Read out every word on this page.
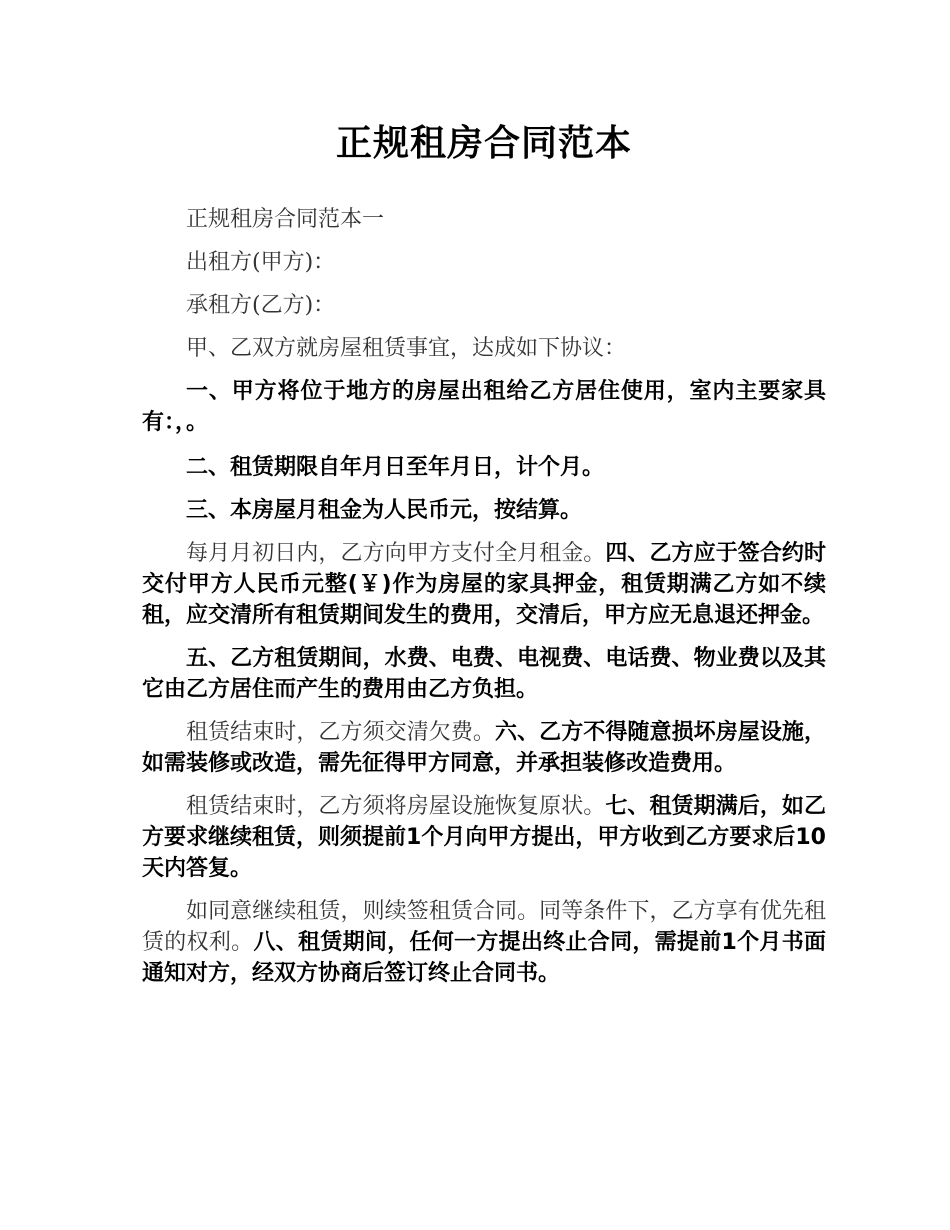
正规租房合同范本

正规租房合同范本一

出租方(甲方)：

承租方(乙方)：

甲、乙双方就房屋租赁事宜，达成如下协议：

一、甲方将位于地方的房屋出租给乙方居住使用，室内主要家具有：，。

二、租赁期限自年月日至年月日，计个月。

三、本房屋月租金为人民币元，按结算。

每月月初日内，乙方向甲方支付全月租金。四、乙方应于签合约时交付甲方人民币元整(￥)作为房屋的家具押金，租赁期满乙方如不续租，应交清所有租赁期间发生的费用，交清后，甲方应无息退还押金。

五、乙方租赁期间，水费、电费、电视费、电话费、物业费以及其它由乙方居住而产生的费用由乙方负担。

租赁结束时，乙方须交清欠费。六、乙方不得随意损坏房屋设施，如需装修或改造，需先征得甲方同意，并承担装修改造费用。

租赁结束时，乙方须将房屋设施恢复原状。七、租赁期满后，如乙方要求继续租赁，则须提前1个月向甲方提出，甲方收到乙方要求后10天内答复。

如同意继续租赁，则续签租赁合同。同等条件下，乙方享有优先租赁的权利。八、租赁期间，任何一方提出终止合同，需提前1个月书面通知对方，经双方协商后签订终止合同书。
